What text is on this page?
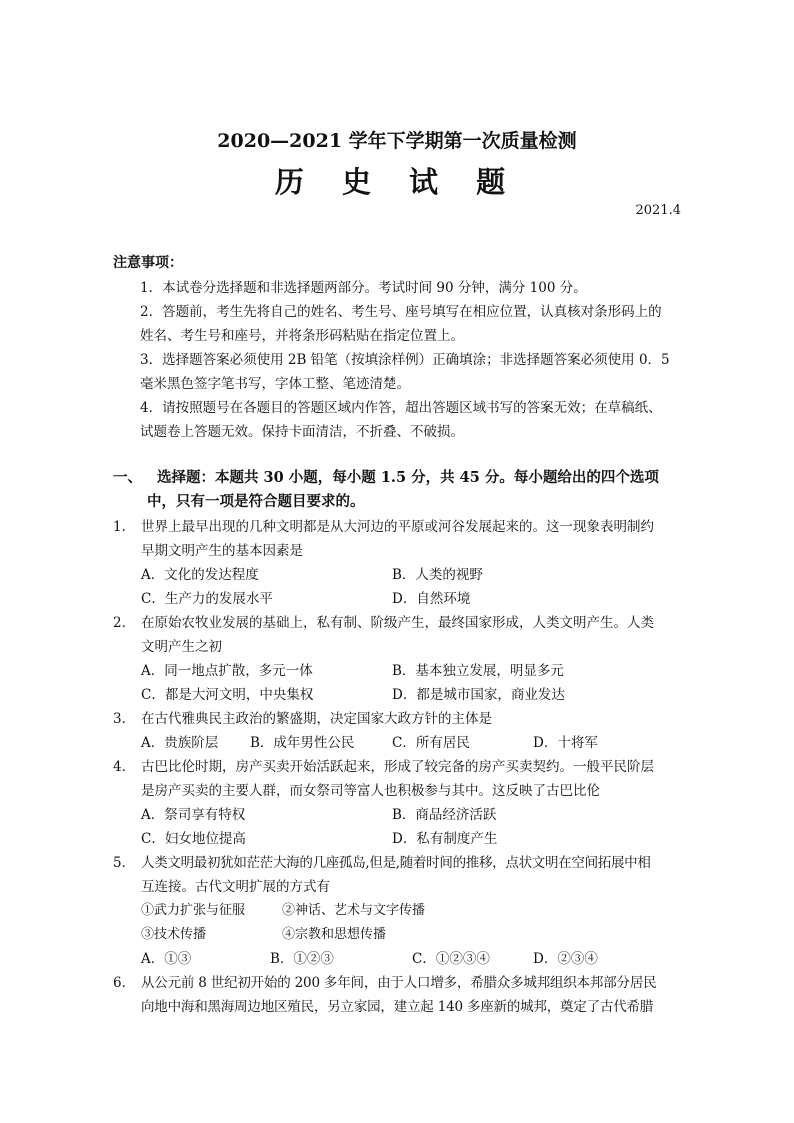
2020—2021 学年下学期第一次质量检测
历 史 试 题
2021.4
注意事项：
1．本试卷分选择题和非选择题两部分。考试时间 90 分钟，满分 100 分。
2．答题前，考生先将自己的姓名、考生号、座号填写在相应位置，认真核对条形码上的
姓名、考生号和座号，并将条形码粘贴在指定位置上。
3．选择题答案必须使用 2B 铅笔（按填涂样例）正确填涂；非选择题答案必须使用 0．5
毫米黑色签字笔书写，字体工整、笔迹清楚。
4．请按照题号在各题目的答题区域内作答，超出答题区域书写的答案无效；在草稿纸、
试题卷上答题无效。保持卡面清洁，不折叠、不破损。
一、 选择题：本题共 30 小题，每小题 1.5 分，共 45 分。每小题给出的四个选项
中，只有一项是符合题目要求的。
1． 世界上最早出现的几种文明都是从大河边的平原或河谷发展起来的。这一现象表明制约
早期文明产生的基本因素是
A．文化的发达程度	B．人类的视野
C．生产力的发展水平	D．自然环境
2． 在原始农牧业发展的基础上，私有制、阶级产生，最终国家形成，人类文明产生。人类
文明产生之初
A．同一地点扩散，多元一体	B．基本独立发展，明显多元
C．都是大河文明，中央集权	D．都是城市国家，商业发达
3． 在古代雅典民主政治的繁盛期，决定国家大政方针的主体是
A．贵族阶层 B．成年男性公民	C．所有居民	D．十将军
4． 古巴比伦时期，房产买卖开始活跃起来，形成了较完备的房产买卖契约。一般平民阶层
是房产买卖的主要人群，而女祭司等富人也积极参与其中。这反映了古巴比伦
A．祭司享有特权	B．商品经济活跃
C．妇女地位提高	D．私有制度产生
5． 人类文明最初犹如茫茫大海的几座孤岛,但是,随着时间的推移，点状文明在空间拓展中相
互连接。古代文明扩展的方式有
①武力扩张与征服	②神话、艺术与文字传播
③技术传播	④宗教和思想传播
A．①③	B．①②③	C．①②③④	D．②③④
6． 从公元前 8 世纪初开始的 200 多年间，由于人口增多，希腊众多城邦组织本邦部分居民
向地中海和黑海周边地区殖民，另立家园，建立起 140 多座新的城邦，奠定了古代希腊
